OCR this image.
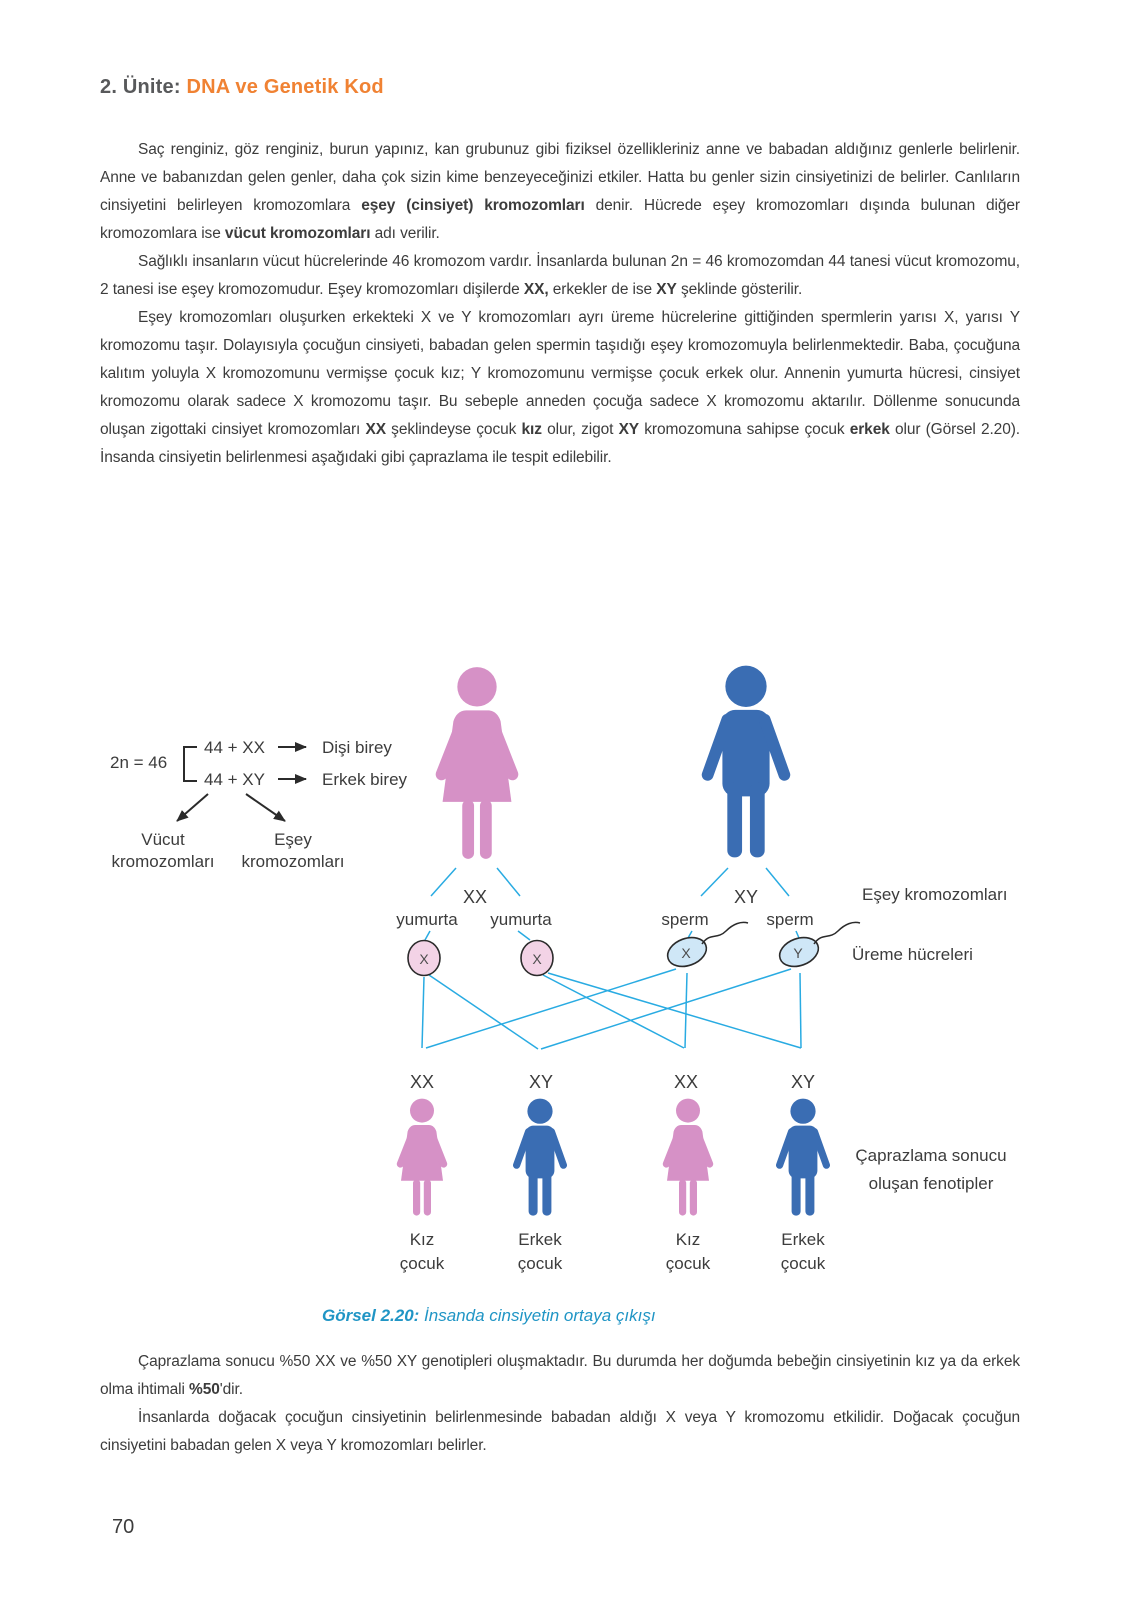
2. Ünite: DNA ve Genetik Kod

Saç renginiz, göz renginiz, burun yapınız, kan grubunuz gibi fiziksel özellikleriniz anne ve babadan aldığınız genlerle belirlenir. Anne ve babanızdan gelen genler, daha çok sizin kime benzeyeceğinizi etkiler. Hatta bu genler sizin cinsiyetinizi de belirler. Canlıların cinsiyetini belirleyen kromozomlara eşey (cinsiyet) kromozomları denir. Hücrede eşey kromozomları dışında bulunan diğer kromozomlara ise vücut kromozomları adı verilir.

Sağlıklı insanların vücut hücrelerinde 46 kromozom vardır. İnsanlarda bulunan 2n = 46 kromozomdan 44 tanesi vücut kromozomu, 2 tanesi ise eşey kromozomudur. Eşey kromozomları dişilerde XX, erkekler de ise XY şeklinde gösterilir.

Eşey kromozomları oluşurken erkekteki X ve Y kromozomları ayrı üreme hücrelerine gittiğinden spermlerin yarısı X, yarısı Y kromozomu taşır. Dolayısıyla çocuğun cinsiyeti, babadan gelen spermin taşıdığı eşey kromozomuyla belirlenmektedir. Baba, çocuğuna kalıtım yoluyla X kromozomunu vermişse çocuk kız; Y kromozomunu vermişse çocuk erkek olur. Annenin yumurta hücresi, cinsiyet kromozomu olarak sadece X kromozomu taşır. Bu sebeple anneden çocuğa sadece X kromozomu aktarılır. Döllenme sonucunda oluşan zigottaki cinsiyet kromozomları XX şeklindeyse çocuk kız olur, zigot XY kromozomuna sahipse çocuk erkek olur (Görsel 2.20). İnsanda cinsiyetin belirlenmesi aşağıdaki gibi çaprazlama ile tespit edilebilir.

2n = 46
44 + XX	Dişi birey
44 + XY	Erkek birey
Vücut
kromozomları
Eşey
kromozomları
XX	XY
yumurta yumurta	sperm	sperm
X	X	X	Y
XX	XY	XX	XY
Kız
çocuk
Erkek
çocuk
Kız
çocuk
Erkek
çocuk
Eşey kromozomları
Üreme hücreleri
Çaprazlama sonucu
oluşan fenotipler
Görsel 2.20: İnsanda cinsiyetin ortaya çıkışı

Çaprazlama sonucu %50 XX ve %50 XY genotipleri oluşmaktadır. Bu durumda her doğumda bebeğin cinsiyetinin kız ya da erkek olma ihtimali %50'dir.

İnsanlarda doğacak çocuğun cinsiyetinin belirlenmesinde babadan aldığı X veya Y kromozomu etkilidir. Doğacak çocuğun cinsiyetini babadan gelen X veya Y kromozomları belirler.

70
